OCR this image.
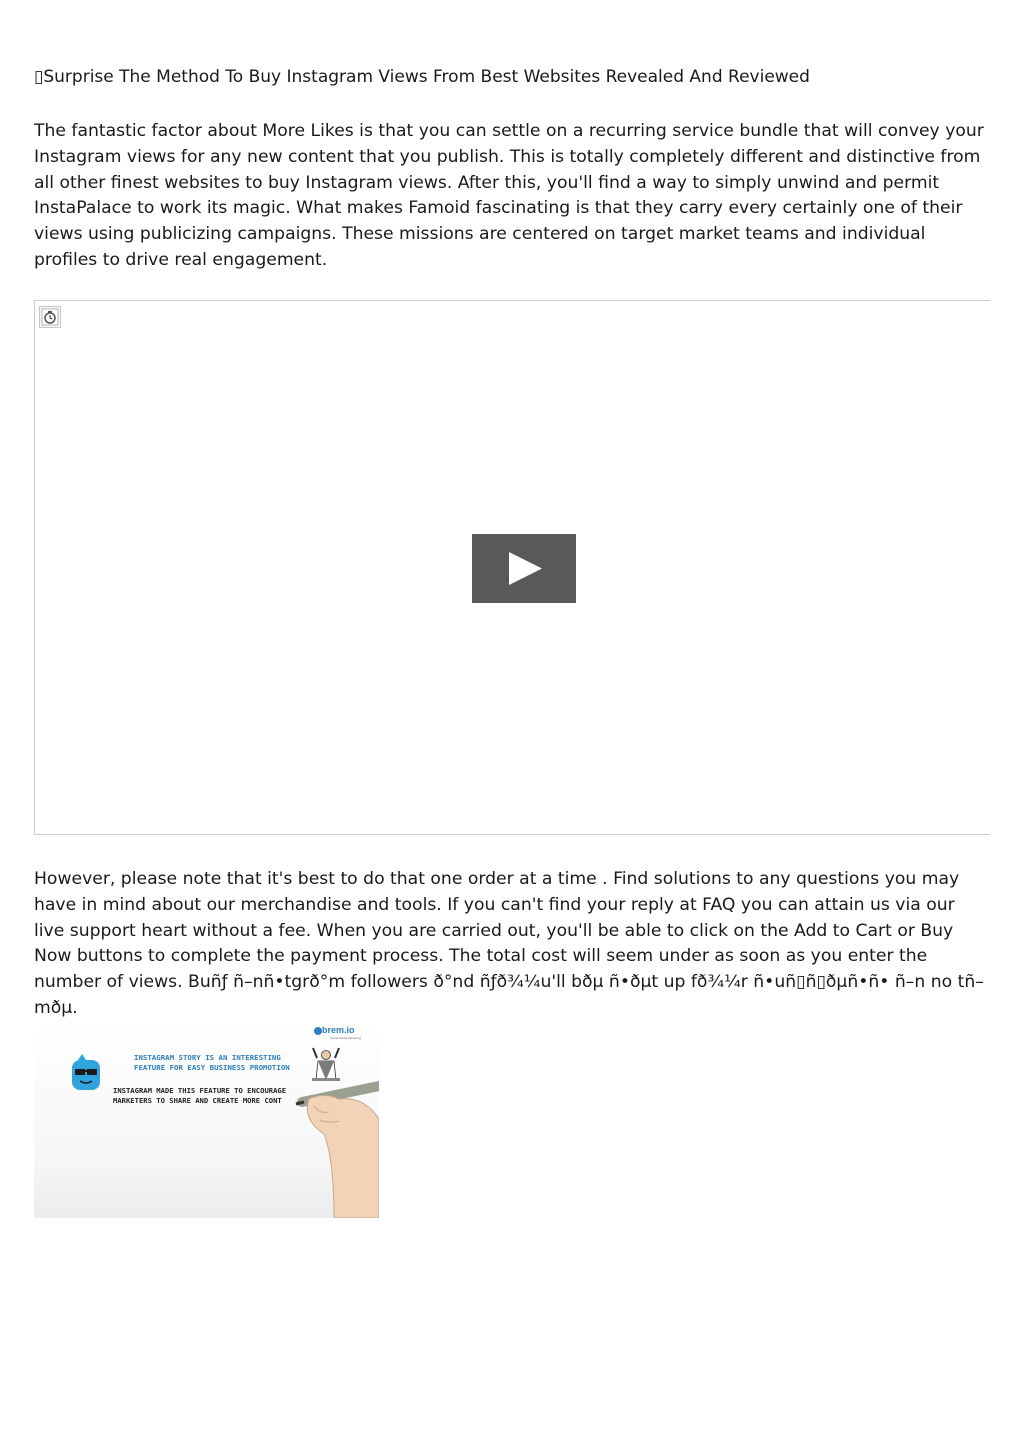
▯Surprise The Method To Buy Instagram Views From Best Websites Revealed And Reviewed

The fantastic factor about More Likes is that you can settle on a recurring service bundle that will convey your Instagram views for any new content that you publish. This is totally completely different and distinctive from all other finest websites to buy Instagram views. After this, you'll find a way to simply unwind and permit InstaPalace to work its magic. What makes Famoid fascinating is that they carry every certainly one of their views using publicizing campaigns. These missions are centered on target market teams and individual profiles to drive real engagement.

However, please note that it's best to do that one order at a time . Find solutions to any questions you may have in mind about our merchandise and tools. If you can't find your reply at FAQ you can attain us via our live support heart without a fee. When you are carried out, you'll be able to click on the Add to Cart or Buy Now buttons to complete the payment process. The total cost will seem under as soon as you enter the number of views. Buñƒ ñ–nñ•tgrð°m followers ð°nd ñƒð¾¼u'll bðµ ñ•ðµt up fð¾¼r ñ•uñ▯ñ▯ðµñ•ñ• ñ–n no tñ–mðµ.

INSTAGRAM STORY IS AN INTERESTING
FEATURE FOR EASY BUSINESS PROMOTION
INSTAGRAM MADE THIS FEATURE TO ENCOURAGE
MARKETERS TO SHARE AND CREATE MORE CONT
brem.io
Social Media Marketing
